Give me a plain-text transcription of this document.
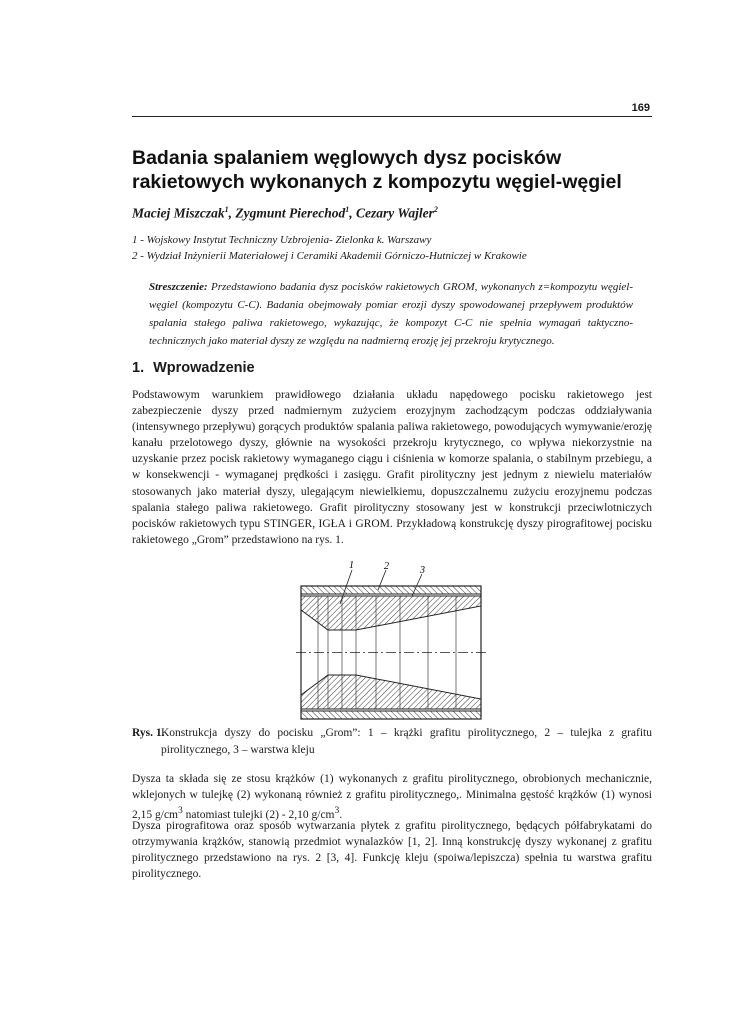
169
Badania spalaniem węglowych dysz pocisków rakietowych wykonanych z kompozytu węgiel-węgiel
Maciej Miszczak$^1$, Zygmunt Pierechod$^1$, Cezary Wajler$^2$
1 - Wojskowy Instytut Techniczny Uzbrojenia- Zielonka k. Warszawy
2 - Wydział Inżynierii Materiałowej i Ceramiki Akademii Górniczo-Hutniczej w Krakowie
Streszczenie: Przedstawiono badania dysz pocisków rakietowych GROM, wykonanych z=kompozytu węgiel-węgiel (kompozytu C-C). Badania obejmowały pomiar erozji dyszy spowodowanej przepływem produktów spalania stałego paliwa rakietowego, wykazując, że kompozyt C-C nie spełnia wymagań taktyczno-technicznych jako materiał dyszy ze względu na nadmierną erozję jej przekroju krytycznego.
1. Wprowadzenie

Podstawowym warunkiem prawidłowego działania układu napędowego pocisku rakietowego jest zabezpieczenie dyszy przed nadmiernym zużyciem erozyjnym zachodzącym podczas oddziaływania (intensywnego przepływu) gorących produktów spalania paliwa rakietowego, powodujących wymywanie/erozję kanału przelotowego dyszy, głównie na wysokości przekroju krytycznego, co wpływa niekorzystnie na uzyskanie przez pocisk rakietowy wymaganego ciągu i ciśnienia w komorze spalania, o stabilnym przebiegu, a w konsekwencji - wymaganej prędkości i zasięgu. Grafit pirolityczny jest jednym z niewielu materiałów stosowanych jako materiał dyszy, ulegającym niewielkiemu, dopuszczalnemu zużyciu erozyjnemu podczas spalania stałego paliwa rakietowego. Grafit pirolityczny stosowany jest w konstrukcji przeciwlotniczych pocisków rakietowych typu STINGER, IGŁA i GROM. Przykładową konstrukcję dyszy pirografitowej pocisku rakietowego „Grom” przedstawiono na rys. 1.

1	2	3
Rys. 1.
Konstrukcja dyszy do pocisku „Grom”: 1 – krążki grafitu pirolitycznego, 2 – tulejka z grafitu pirolitycznego, 3 – warstwa kleju

Dysza ta składa się ze stosu krążków (1) wykonanych z grafitu pirolitycznego, obrobionych mechanicznie, wklejonych w tulejkę (2) wykonaną również z grafitu pirolitycznego,. Minimalna gęstość krążków (1) wynosi 2,15 $g/cm^3$ natomiast tulejki (2) - 2,10 $g/cm^3$.

Dysza pirografitowa oraz sposób wytwarzania płytek z grafitu pirolitycznego, będących półfabrykatami do otrzymywania krążków, stanowią przedmiot wynalazków [1, 2]. Inną konstrukcję dyszy wykonanej z grafitu pirolitycznego przedstawiono na rys. 2 [3, 4]. Funkcję kleju (spoiwa/lepiszcza) spełnia tu warstwa grafitu pirolitycznego.
